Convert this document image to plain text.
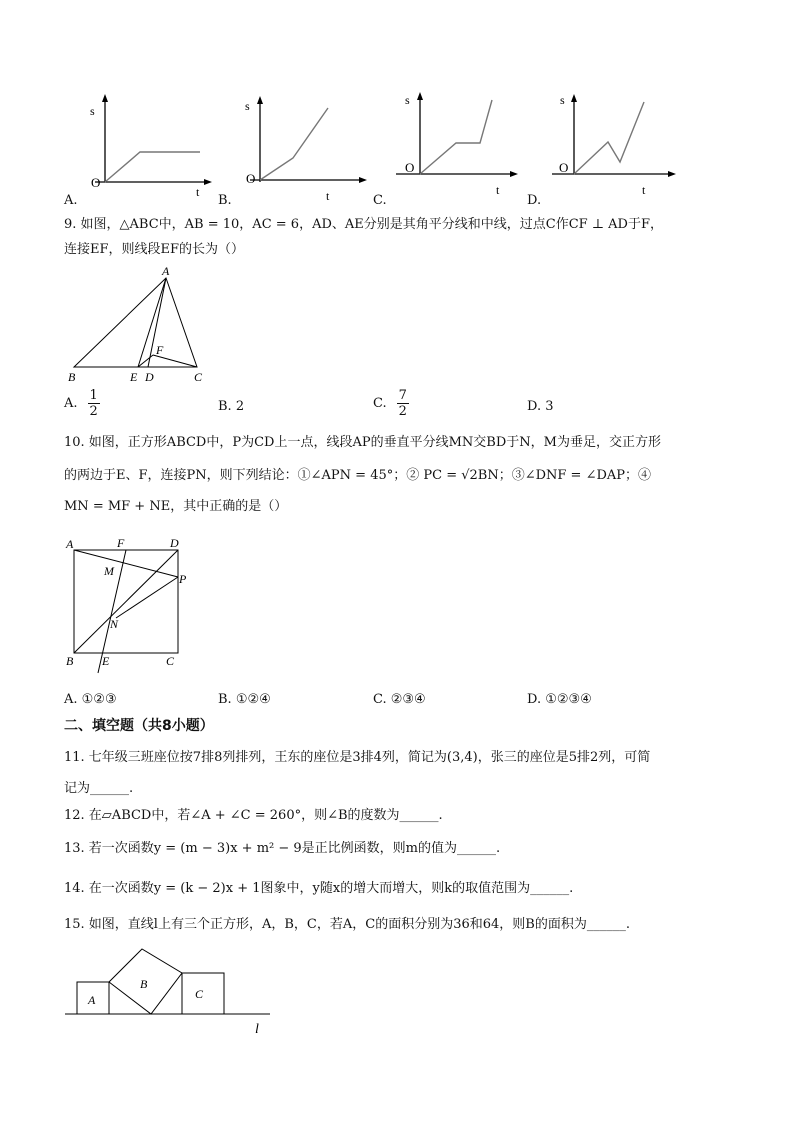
s
t
O
s
t
O
s
t
O
s
t
O
A.	B.	C.	D.
9. 如图，△ABC中，AB = 10，AC = 6，AD、AE分别是其角平分线和中线，过点C作CF ⊥ AD于F，
连接EF，则线段EF的长为（）
A
B	E D	C
F
A. $\frac{1}{2}$	B. 2	C. $\frac{7}{2}$	D. 3
10. 如图，正方形ABCD中，P为CD上一点，线段AP的垂直平分线MN交BD于N，M为垂足，交正方形
的两边于E、F，连接PN，则下列结论：①∠APN = 45°；② PC = √2BN；③∠DNF = ∠DAP；④
MN = MF + NE，其中正确的是（）
A	F	D
M
P
N
B E	C
A. ①②③	B. ①②④	C. ②③④	D. ①②③④
二、填空题（共8小题）
11. 七年级三班座位按7排8列排列，王东的座位是3排4列，简记为(3,4)，张三的座位是5排2列，可简
记为______.
12. 在▱ABCD中，若∠A + ∠C = 260°，则∠B的度数为______.
13. 若一次函数y = (m − 3)x + m² − 9是正比例函数，则m的值为______.
14. 在一次函数y = (k − 2)x + 1图象中，y随x的增大而增大，则k的取值范围为______.
15. 如图，直线l上有三个正方形，A，B，C，若A，C的面积分别为36和64，则B的面积为______.
A
B
C
l
